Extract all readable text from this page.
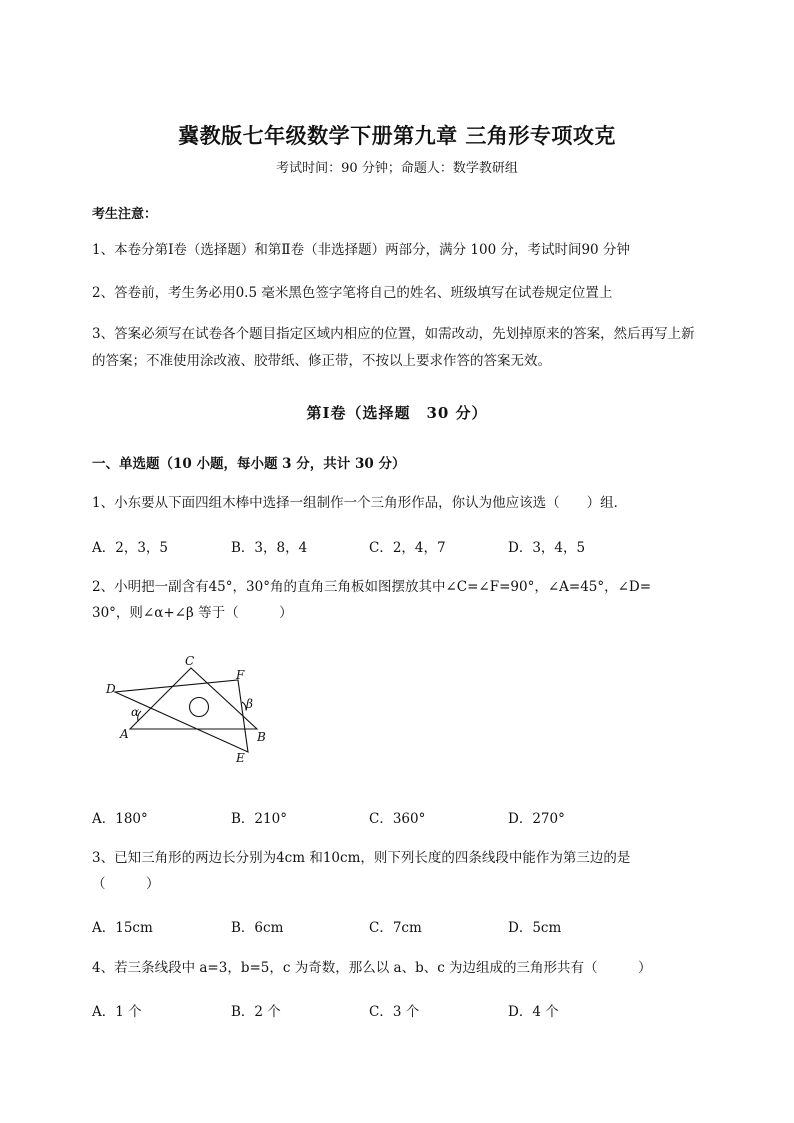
冀教版七年级数学下册第九章 三角形专项攻克
考试时间：90 分钟；命题人：数学教研组
考生注意：
1、本卷分第Ⅰ卷（选择题）和第Ⅱ卷（非选择题）两部分，满分 100 分，考试时间90 分钟
2、答卷前，考生务必用0.5 毫米黑色签字笔将自己的姓名、班级填写在试卷规定位置上
3、答案必须写在试卷各个题目指定区域内相应的位置，如需改动，先划掉原来的答案，然后再写上新
的答案；不准使用涂改液、胶带纸、修正带，不按以上要求作答的答案无效。
第Ⅰ卷（选择题　30 分）
一、单选题（10 小题，每小题 3 分，共计 30 分）
1、小东要从下面四组木棒中选择一组制作一个三角形作品，你认为他应该选（　　）组．
A．2，3，5	B．3，8，4	C．2，4，7	D．3，4，5
2、小明把一副含有45°，30°角的直角三角板如图摆放其中∠C=∠F=90°，∠A=45°，∠D=
30°，则∠α+∠β 等于（　　　）
C
F
D
β
α
A	B
E
A．180°	B．210°	C．360°	D．270°
3、已知三角形的两边长分别为4cm 和10cm，则下列长度的四条线段中能作为第三边的是
（　　　）
A．15cm	B．6cm	C．7cm	D．5cm
4、若三条线段中 a=3，b=5，c 为奇数，那么以 a、b、c 为边组成的三角形共有（　　　）
A．1 个	B．2 个	C．3 个	D．4 个
